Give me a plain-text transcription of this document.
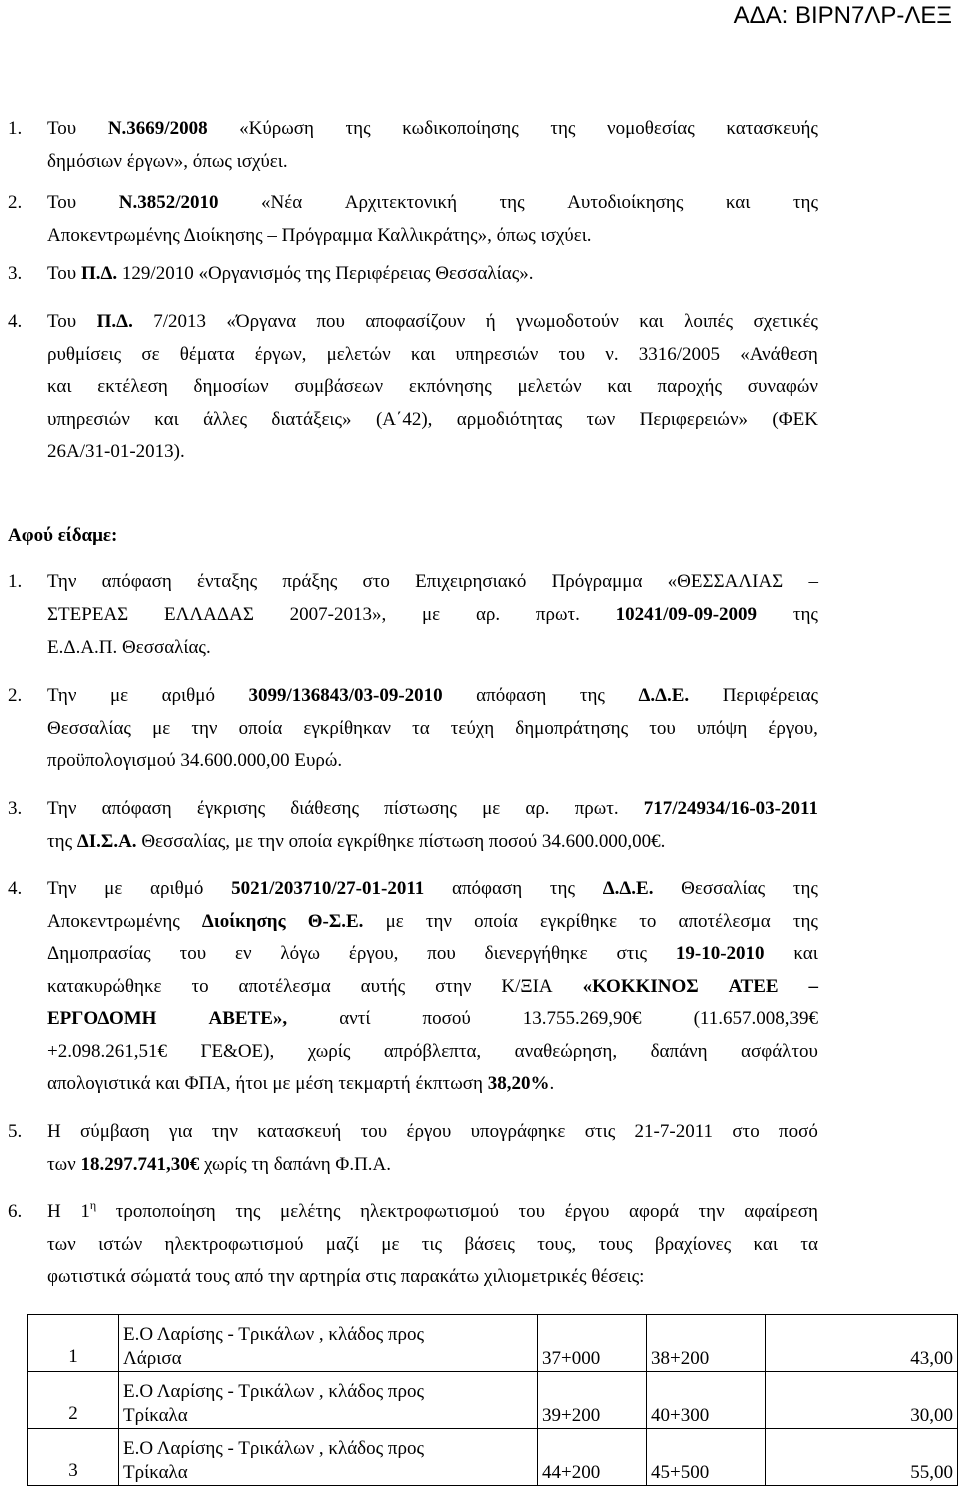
ΑΔΑ: ΒΙΡΝ7ΛΡ-ΛΕΞ
1. Του Ν.3669/2008 «Κύρωση της κωδικοποίησης της νομοθεσίας κατασκευής
δημόσιων έργων», όπως ισχύει.
2. Του Ν.3852/2010 «Νέα Αρχιτεκτονική της Αυτοδιοίκησης και της
Αποκεντρωμένης Διοίκησης – Πρόγραμμα Καλλικράτης», όπως ισχύει.
3. Του Π.Δ. 129/2010 «Οργανισμός της Περιφέρειας Θεσσαλίας».
4. Του Π.Δ. 7/2013 «Όργανα που αποφασίζουν ή γνωμοδοτούν και λοιπές σχετικές
ρυθμίσεις σε θέματα έργων, μελετών και υπηρεσιών του ν. 3316/2005 «Ανάθεση
και εκτέλεση δημοσίων συμβάσεων εκπόνησης μελετών και παροχής συναφών
υπηρεσιών και άλλες διατάξεις» (Α΄42), αρμοδιότητας των Περιφερειών» (ΦΕΚ
26Α/31-01-2013).
1. Την απόφαση ένταξης πράξης στο Επιχειρησιακό Πρόγραμμα «ΘΕΣΣΑΛΙΑΣ –
ΣΤΕΡΕΑΣ ΕΛΛΑΔΑΣ 2007-2013», με αρ. πρωτ. 10241/09-09-2009 της
Ε.Δ.Α.Π. Θεσσαλίας.
2. Την με αριθμό 3099/136843/03-09-2010 απόφαση της Δ.Δ.Ε. Περιφέρειας
Θεσσαλίας με την οποία εγκρίθηκαν τα τεύχη δημοπράτησης του υπόψη έργου,
προϋπολογισμού 34.600.000,00 Ευρώ.
3. Την απόφαση έγκρισης διάθεσης πίστωσης με αρ. πρωτ. 717/24934/16-03-2011
της ΔΙ.Σ.Α. Θεσσαλίας, με την οποία εγκρίθηκε πίστωση ποσού 34.600.000,00€.
4. Την με αριθμό 5021/203710/27-01-2011 απόφαση της Δ.Δ.Ε. Θεσσαλίας της
Αποκεντρωμένης Διοίκησης Θ-Σ.Ε. με την οποία εγκρίθηκε το αποτέλεσμα της
Δημοπρασίας του εν λόγω έργου, που διενεργήθηκε στις 19-10-2010 και
κατακυρώθηκε το αποτέλεσμα αυτής στην Κ/ΞΙΑ «ΚΟΚΚΙΝΟΣ ΑΤΕΕ –
ΕΡΓΟΔΟΜΗ	ΑΒΕΤΕ»,	αντί	ποσού	13.755.269,90€	(11.657.008,39€
+2.098.261,51€ ΓΕ&ΟΕ), χωρίς απρόβλεπτα, αναθεώρηση, δαπάνη ασφάλτου
απολογιστικά και ΦΠΑ, ήτοι με μέση τεκμαρτή έκπτωση 38,20%.
5. Η σύμβαση για την κατασκευή του έργου υπογράφηκε στις 21-7-2011 στο ποσό
των 18.297.741,30€ χωρίς τη δαπάνη Φ.Π.Α.
6. Η $1^\eta$ τροποποίηση της μελέτης ηλεκτροφωτισμού του έργου αφορά την αφαίρεση
των ιστών ηλεκτροφωτισμού μαζί με τις βάσεις τους, τους βραχίονες και τα
φωτιστικά σώματά τους από την αρτηρία στις παρακάτω χιλιομετρικές θέσεις:
Αφού είδαμε:
1	Ε.Ο Λαρίσης - Τρικάλων , κλάδος προς
Λάρισα	37+000	38+200	43,00
2	Ε.Ο Λαρίσης - Τρικάλων , κλάδος προς
Τρίκαλα	39+200	40+300	30,00
3	Ε.Ο Λαρίσης - Τρικάλων , κλάδος προς
Τρίκαλα	44+200	45+500	55,00
